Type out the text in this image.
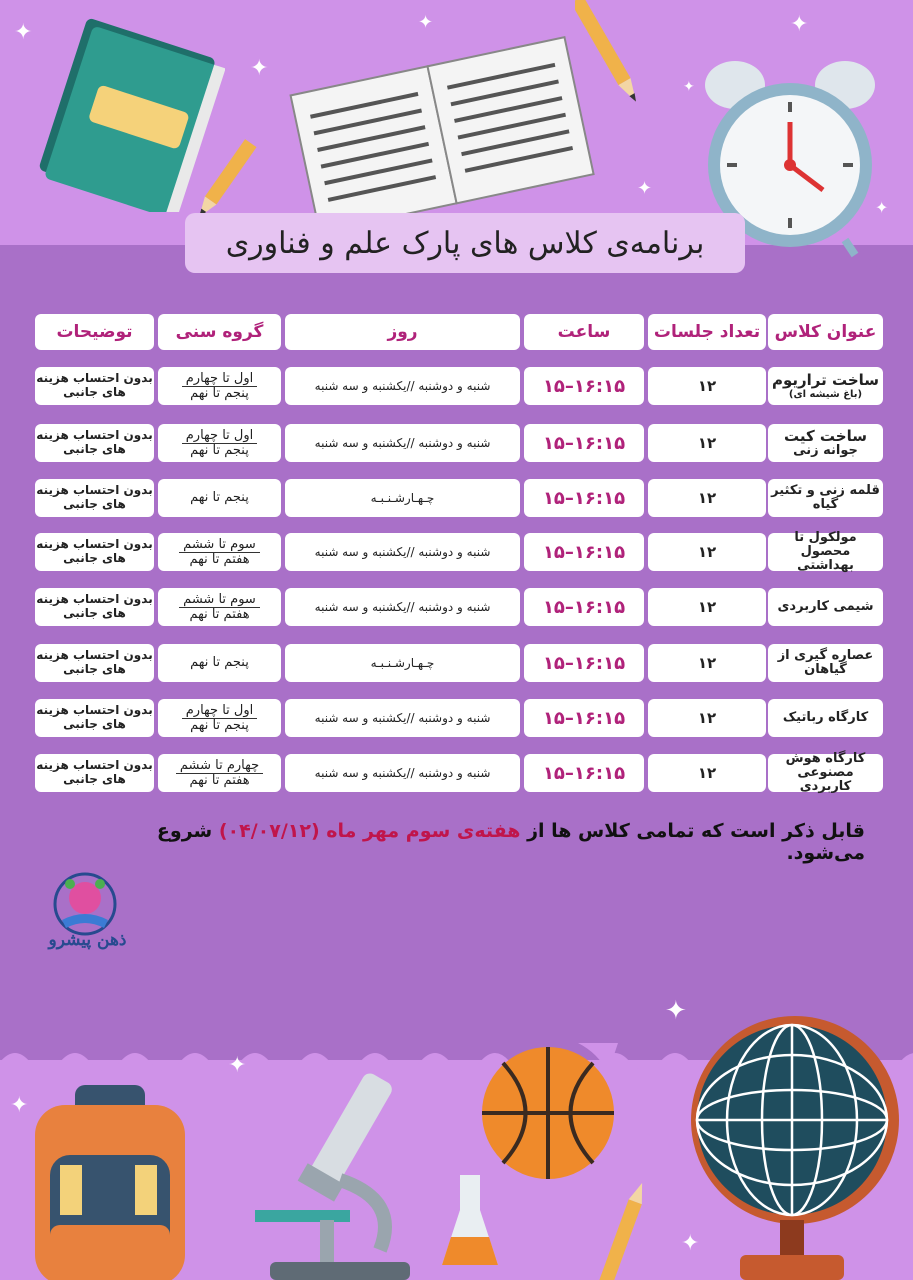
✦
✦
✦	✦
✦
✦
✦
✦
✦
✦
✦
برنامه‌ی کلاس های پارک علم و فناوری
عنوان کلاس
تعداد جلسات
ساعت
روز
گروه سنی
توضیحات
ساخت تراریوم
(باغ شیشه ای)
۱۲
۱۶:۱۵–۱۵
شنبه و دوشنبه //یکشنبه و سه شنبه
اول تا چهارم
پنجم تا نهم
بدون احتساب هزینه
های جانبی
ساخت کیت
جوانه زنی
۱۲
۱۶:۱۵–۱۵
شنبه و دوشنبه //یکشنبه و سه شنبه
اول تا چهارم
پنجم تا نهم
بدون احتساب هزینه
های جانبی
قلمه زنی و تکثیر گیاه
۱۲
۱۶:۱۵–۱۵
چـهـارشـنـبـه
پنجم تا نهم
بدون احتساب هزینه
های جانبی
مولکول تا محصول
بهداشتی
۱۲
۱۶:۱۵–۱۵
شنبه و دوشنبه //یکشنبه و سه شنبه
سوم تا ششم
هفتم تا نهم
بدون احتساب هزینه
های جانبی
شیمی کاربردی
۱۲
۱۶:۱۵–۱۵
شنبه و دوشنبه //یکشنبه و سه شنبه
سوم تا ششم
هفتم تا نهم
بدون احتساب هزینه
های جانبی
عصاره گیری از گیاهان
۱۲
۱۶:۱۵–۱۵
چـهـارشـنـبـه
پنجم تا نهم
بدون احتساب هزینه
های جانبی
کارگاه رباتیک
۱۲
۱۶:۱۵–۱۵
شنبه و دوشنبه //یکشنبه و سه شنبه
اول تا چهارم
پنجم تا نهم
بدون احتساب هزینه
های جانبی
کارگاه هوش مصنوعی
کاربردی
۱۲
۱۶:۱۵–۱۵
شنبه و دوشنبه //یکشنبه و سه شنبه
چهارم تا ششم
هفتم تا نهم
بدون احتساب هزینه
های جانبی
قابل ذکر است که تمامی کلاس ها از هفته‌ی سوم مهر ماه (۰۴/۰۷/۱۲) شروع می‌شود.
ذهن پیشرو
